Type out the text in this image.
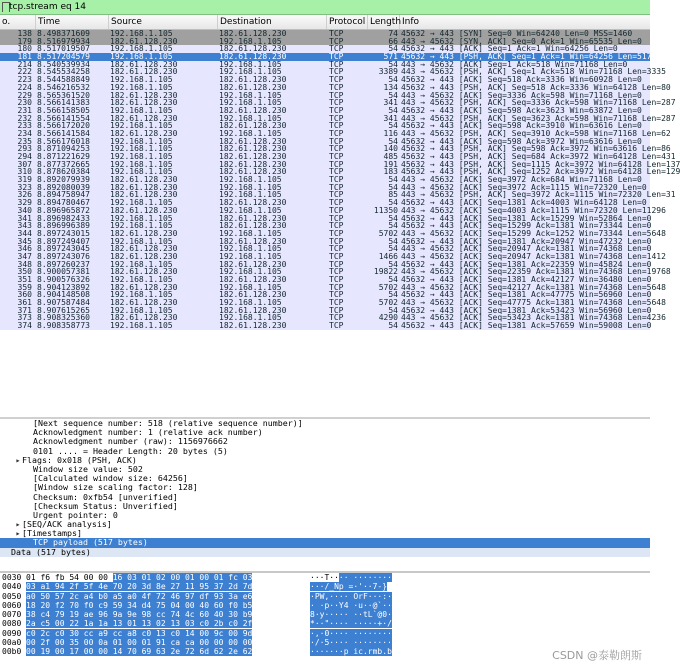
tcp.stream eq 14
o.	Time	Source	Destination	Protocol Length Info
138 8.498371609	192.168.1.105	182.61.128.230	TCP	74 45632 → 443 [SYN] Seq=0 Win=64240 Len=0 MSS=1460
179 8.516979934	182.61.128.230	192.168.1.105	TCP	66 443 → 45632 [SYN, ACK] Seq=0 Ack=1 Win=65535 Len=0
180 8.517019507	192.168.1.105	182.61.128.230	TCP	54 45632 → 443 [ACK] Seq=1 Ack=1 Win=64256 Len=0
181 8.517204579	192.168.1.105	182.61.128.230	TCP	571 45632 → 443 [PSH, ACK] Seq=1 Ack=1 Win=64256 Len=517
214 8.540539934	182.61.128.230	192.168.1.105	TCP	54 443 → 45632 [ACK] Seq=1 Ack=518 Win=71168 Len=0
222 8.545534258	182.61.128.230	192.168.1.105	TCP	3389 443 → 45632 [PSH, ACK] Seq=1 Ack=518 Win=71168 Len=3335
223 8.544588849	192.168.1.105	182.61.128.230	TCP	54 45632 → 443 [ACK] Seq=518 Ack=3336 Win=60928 Len=0
224 8.546216532	192.168.1.105	182.61.128.230	TCP	134 45632 → 443 [PSH, ACK] Seq=518 Ack=3336 Win=64128 Len=80
229 8.565361520	182.61.128.230	192.168.1.105	TCP	54 443 → 45632 [ACK] Seq=3336 Ack=598 Win=71168 Len=0
230 8.566141383	182.61.128.230	192.168.1.105	TCP	341 443 → 45632 [PSH, ACK] Seq=3336 Ack=598 Win=71168 Len=287
231 8.566158505	192.168.1.105	182.61.128.230	TCP	54 45632 → 443 [ACK] Seq=598 Ack=3623 Win=63872 Len=0
232 8.566141554	182.61.128.230	192.168.1.105	TCP	341 443 → 45632 [PSH, ACK] Seq=3623 Ack=598 Win=71168 Len=287
233 8.566172020	192.168.1.105	182.61.128.230	TCP	54 45632 → 443 [ACK] Seq=598 Ack=3910 Win=63616 Len=0
234 8.566141584	182.61.128.230	192.168.1.105	TCP	116 443 → 45632 [PSH, ACK] Seq=3910 Ack=598 Win=71168 Len=62
235 8.566176018	192.168.1.105	182.61.128.230	TCP	54 45632 → 443 [ACK] Seq=598 Ack=3972 Win=63616 Len=0
293 8.871094253	192.168.1.105	182.61.128.230	TCP	140 45632 → 443 [PSH, ACK] Seq=598 Ack=3972 Win=63616 Len=86
294 8.871221629	192.168.1.105	182.61.128.230	TCP	485 45632 → 443 [PSH, ACK] Seq=684 Ack=3972 Win=64128 Len=431
307 8.877372665	192.168.1.105	182.61.128.230	TCP	191 45632 → 443 [PSH, ACK] Seq=1115 Ack=3972 Win=64128 Len=137
310 8.878620384	192.168.1.105	182.61.128.230	TCP	183 45632 → 443 [PSH, ACK] Seq=1252 Ack=3972 Win=64128 Len=129
319 8.892079939	182.61.128.230	192.168.1.105	TCP	54 443 → 45632 [ACK] Seq=3972 Ack=684 Win=71168 Len=0
323 8.892080039	182.61.128.230	192.168.1.105	TCP	54 443 → 45632 [ACK] Seq=3972 Ack=1115 Win=72320 Len=0
326 8.894758947	182.61.128.230	192.168.1.105	TCP	85 443 → 45632 [PSH, ACK] Seq=3972 Ack=1115 Win=72320 Len=31
329 8.894780467	192.168.1.105	182.61.128.230	TCP	54 45632 → 443 [ACK] Seq=1381 Ack=4003 Win=64128 Len=0
340 8.896965872	182.61.128.230	192.168.1.105	TCP	11350 443 → 45632 [ACK] Seq=4003 Ack=1115 Win=72320 Len=11296
341 8.896982433	192.168.1.105	182.61.128.230	TCP	54 45632 → 443 [ACK] Seq=1381 Ack=15299 Win=52864 Len=0
343 8.896996389	192.168.1.105	182.61.128.230	TCP	54 45632 → 443 [ACK] Seq=15299 Ack=1381 Win=73344 Len=0
344 8.897243015	182.61.128.230	192.168.1.105	TCP	5702 443 → 45632 [ACK] Seq=15299 Ack=1252 Win=73344 Len=5648
345 8.897249407	192.168.1.105	182.61.128.230	TCP	54 45632 → 443 [ACK] Seq=1381 Ack=20947 Win=47232 Len=0
346 8.897243045	182.61.128.230	192.168.1.105	TCP	54 443 → 45632 [ACK] Seq=20947 Ack=1381 Win=74368 Len=0
347 8.897243076	182.61.128.230	192.168.1.105	TCP	1466 443 → 45632 [ACK] Seq=20947 Ack=1381 Win=74368 Len=1412
348 8.897260237	192.168.1.105	182.61.128.230	TCP	54 45632 → 443 [ACK] Seq=1381 Ack=22359 Win=45824 Len=0
350 8.900057381	182.61.128.230	192.168.1.105	TCP	19822 443 → 45632 [ACK] Seq=22359 Ack=1381 Win=74368 Len=19768
351 8.900576326	192.168.1.105	182.61.128.230	TCP	54 45632 → 443 [ACK] Seq=1381 Ack=42127 Win=36480 Len=0
359 8.904123892	182.61.128.230	192.168.1.105	TCP	5702 443 → 45632 [ACK] Seq=42127 Ack=1381 Win=74368 Len=5648
360 8.904148508	192.168.1.105	182.61.128.230	TCP	54 45632 → 443 [ACK] Seq=1381 Ack=47775 Win=56960 Len=0
361 8.907587484	182.61.128.230	192.168.1.105	TCP	5702 443 → 45632 [ACK] Seq=47775 Ack=1381 Win=74368 Len=5648
371 8.907615265	192.168.1.105	182.61.128.230	TCP	54 45632 → 443 [ACK] Seq=1381 Ack=53423 Win=56960 Len=0
373 8.908325360	182.61.128.230	192.168.1.105	TCP	4290 443 → 45632 [ACK] Seq=53423 Ack=1381 Win=74368 Len=4236
374 8.908358773	192.168.1.105	182.61.128.230	TCP	54 45632 → 443 [ACK] Seq=1381 Ack=57659 Win=59008 Len=0
[Next sequence number: 518 (relative sequence number)]
Acknowledgment number: 1 (relative ack number)
Acknowledgment number (raw): 1156976662
0101 .... = Header Length: 20 bytes (5)
▸ Flags: 0x018 (PSH, ACK)
Window size value: 502
[Calculated window size: 64256]
[Window size scaling factor: 128]
Checksum: 0xfb54 [unverified]
[Checksum Status: Unverified]
Urgent pointer: 0
▸ [SEQ/ACK analysis]
▸ [Timestamps]
TCP payload (517 bytes)
Data (517 bytes)
0030 01 f6 fb 54 00 00 16 03 01 02 00 01 00 01 fc 03	···T···· ········
0040 03 a1 94 2f 5f 4e 70 20 3d 8e 27 11 95 37 2d 7d	···/_Np =·'··7-}
0050 a0 50 57 2c a4 b0 a5 a0 4f 72 46 97 df 93 3a e6	·PW,···· OrF···:·
0060 18 20 f2 70 f0 c9 59 34 d4 75 04 00 40 60 f0 b5	· ·p··Y4 ·u··@`··
0070 38 c4 79 19 ae 96 9a 9e 98 cc 74 4c 60 40 30 b9	8·y····· ··tL`@0·
0080 2a c5 00 22 1a 1a 13 01 13 02 13 03 c0 2b c0 2f	*··"···· ·····+·/
0090 c0 2c c0 30 cc a9 cc a8 c0 13 c0 14 00 9c 00 9d	·,·0···· ········
00a0 00 2f 00 35 00 0a 01 00 01 91 ca ca 00 00 00 00	·/·5···· ········
00b0 00 19 00 17 00 00 14 70 69 63 2e 72 6d 62 2e 62	·······p ic.rmb.b	CSDN @泰勒朗斯
